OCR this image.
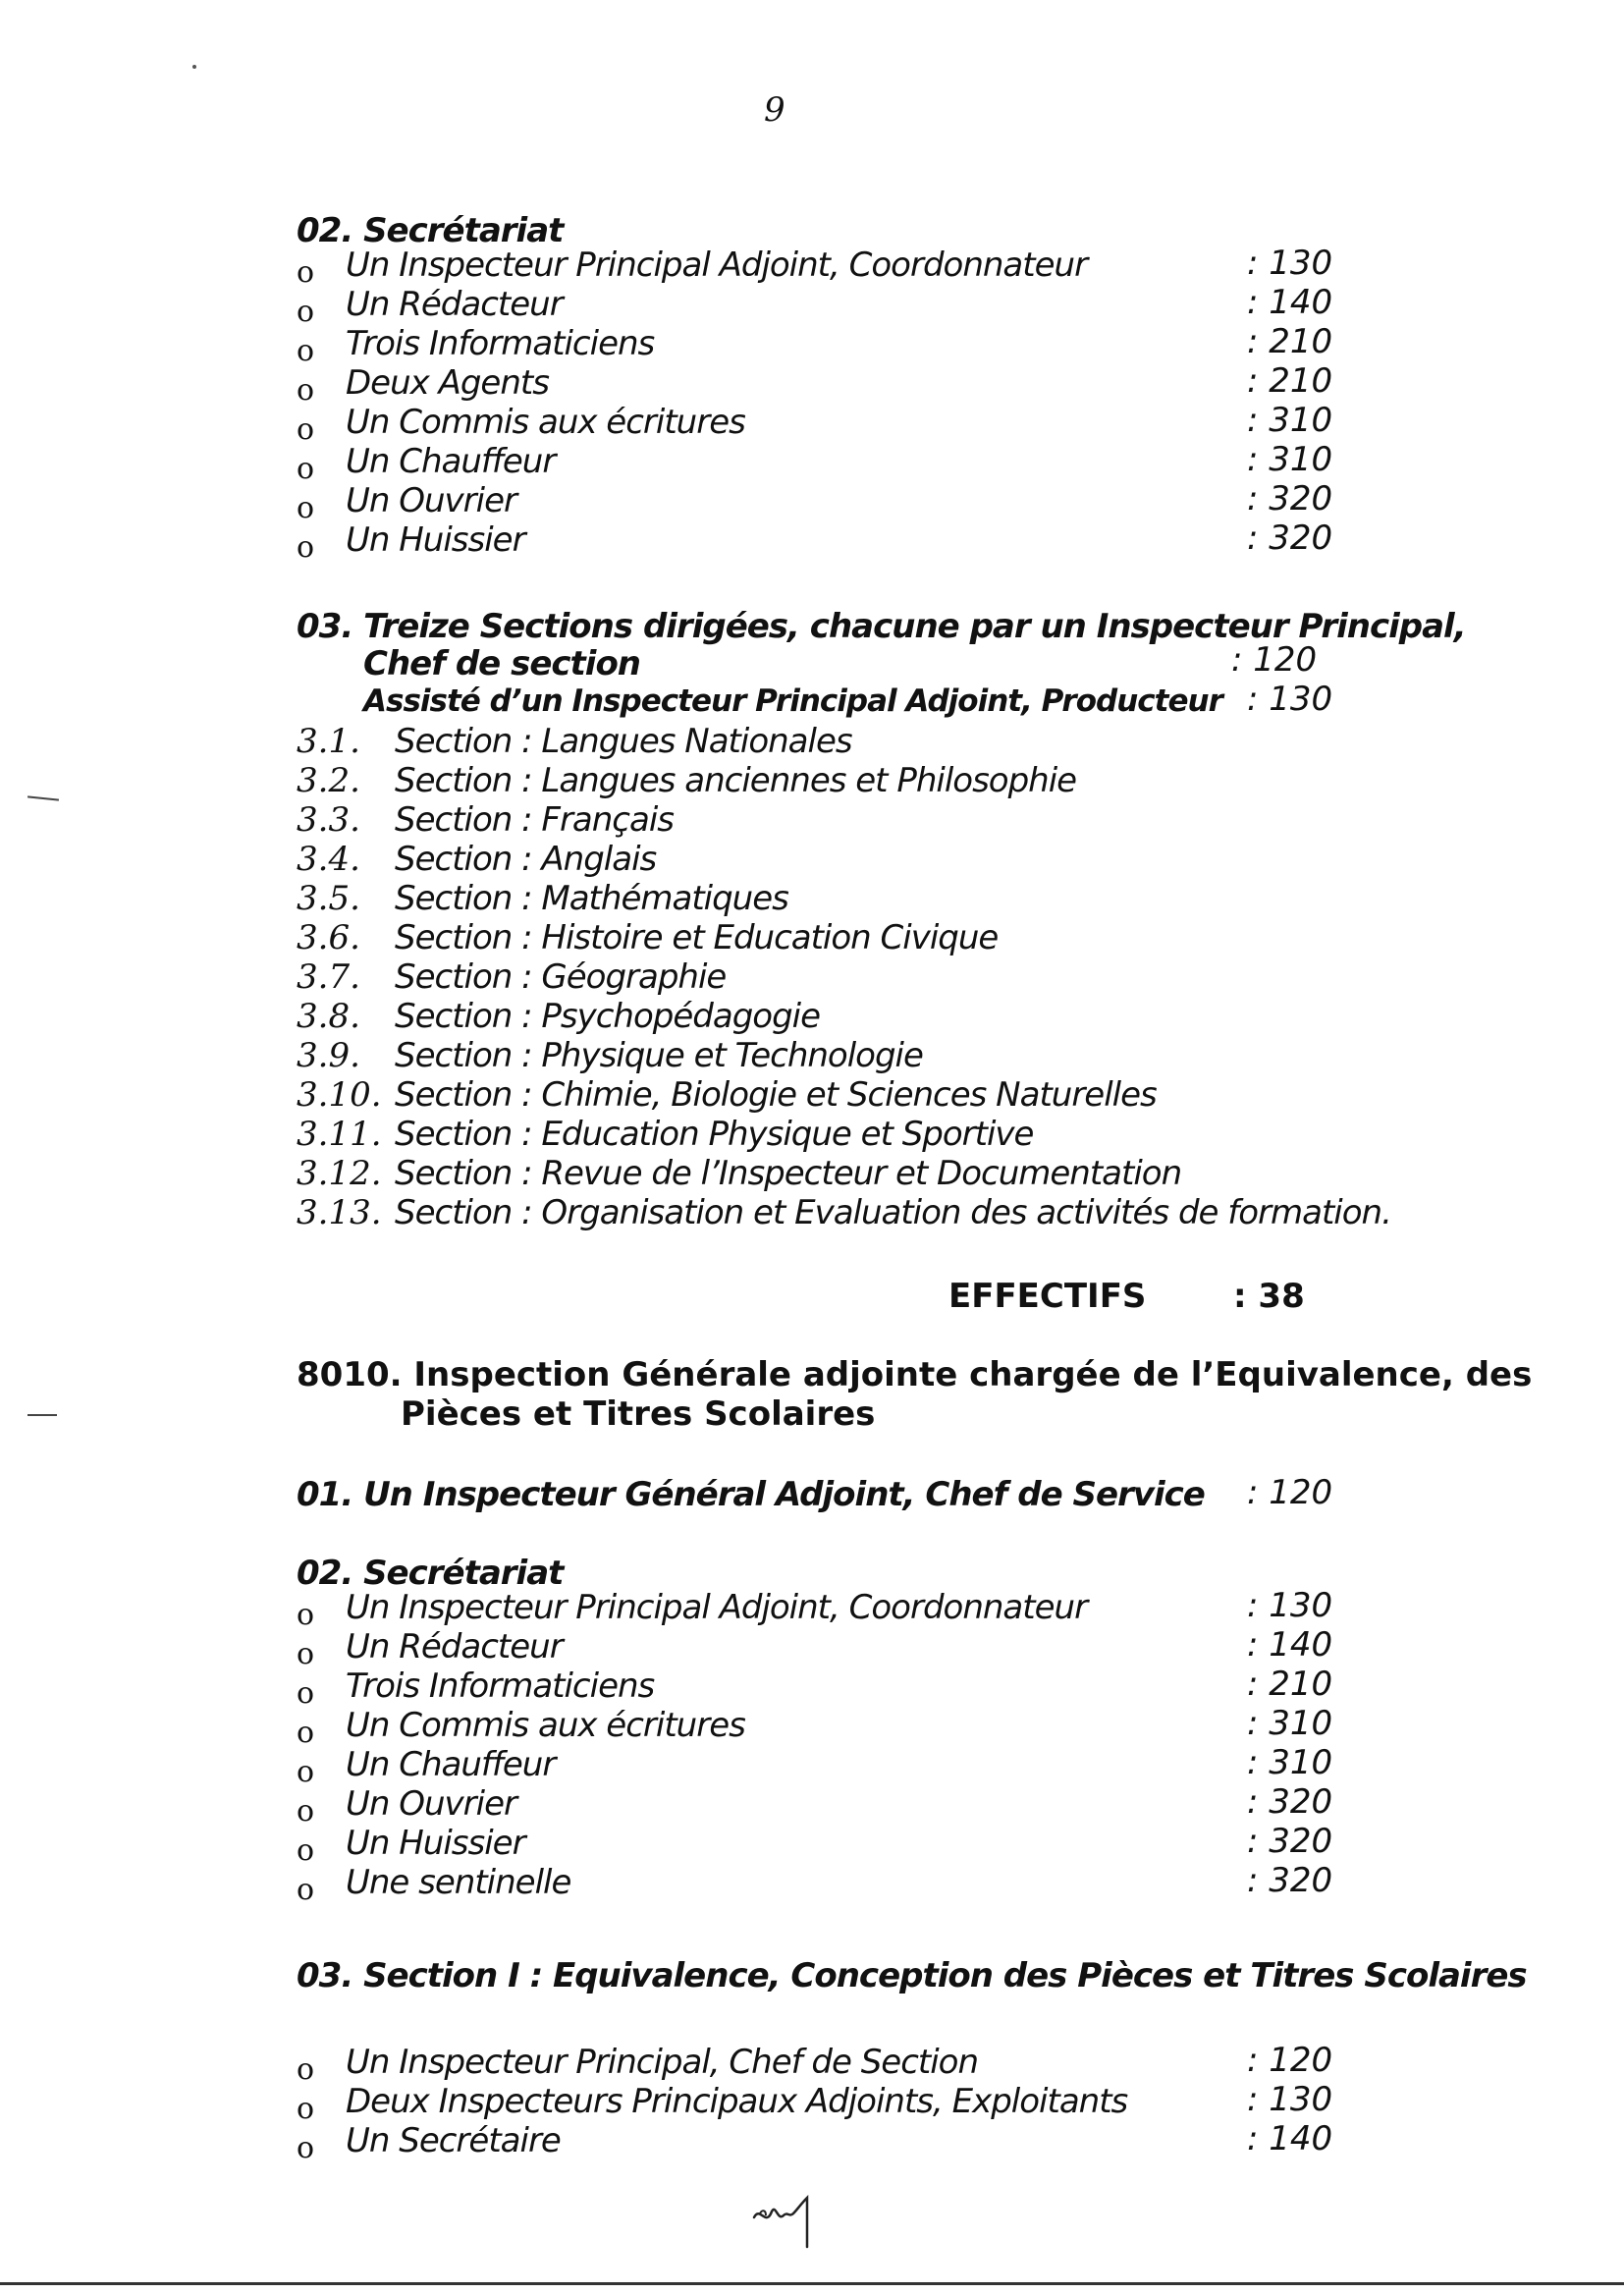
9
02. Secrétariat
o Un Inspecteur Principal Adjoint, Coordonnateur	: 130
o Un Rédacteur	: 140
o Trois Informaticiens	: 210
o Deux Agents	: 210
o Un Commis aux écritures	: 310
o Un Chauffeur	: 310
o Un Ouvrier	: 320
o Un Huissier	: 320
03. Treize Sections dirigées, chacune par un Inspecteur Principal,
Chef de section	: 120
Assisté d’un Inspecteur Principal Adjoint, Producteur : 130
3.1. Section : Langues Nationales
3.2. Section : Langues anciennes et Philosophie
3.3. Section : Français
3.4. Section : Anglais
3.5. Section : Mathématiques
3.6. Section : Histoire et Education Civique
3.7. Section : Géographie
3.8. Section : Psychopédagogie
3.9. Section : Physique et Technologie
3.10. Section : Chimie, Biologie et Sciences Naturelles
3.11. Section : Education Physique et Sportive
3.12. Section : Revue de l’Inspecteur et Documentation
3.13. Section : Organisation et Evaluation des activités de formation.
EFFECTIFS	: 38
8010. Inspection Générale adjointe chargée de l’Equivalence, des
Pièces et Titres Scolaires
01. Un Inspecteur Général Adjoint, Chef de Service : 120
02. Secrétariat
o Un Inspecteur Principal Adjoint, Coordonnateur	: 130
o Un Rédacteur	: 140
o Trois Informaticiens	: 210
o Un Commis aux écritures	: 310
o Un Chauffeur	: 310
o Un Ouvrier	: 320
o Un Huissier	: 320
o Une sentinelle	: 320
03. Section I : Equivalence, Conception des Pièces et Titres Scolaires
o Un Inspecteur Principal, Chef de Section	: 120
o Deux Inspecteurs Principaux Adjoints, Exploitants	: 130
o Un Secrétaire	: 140
